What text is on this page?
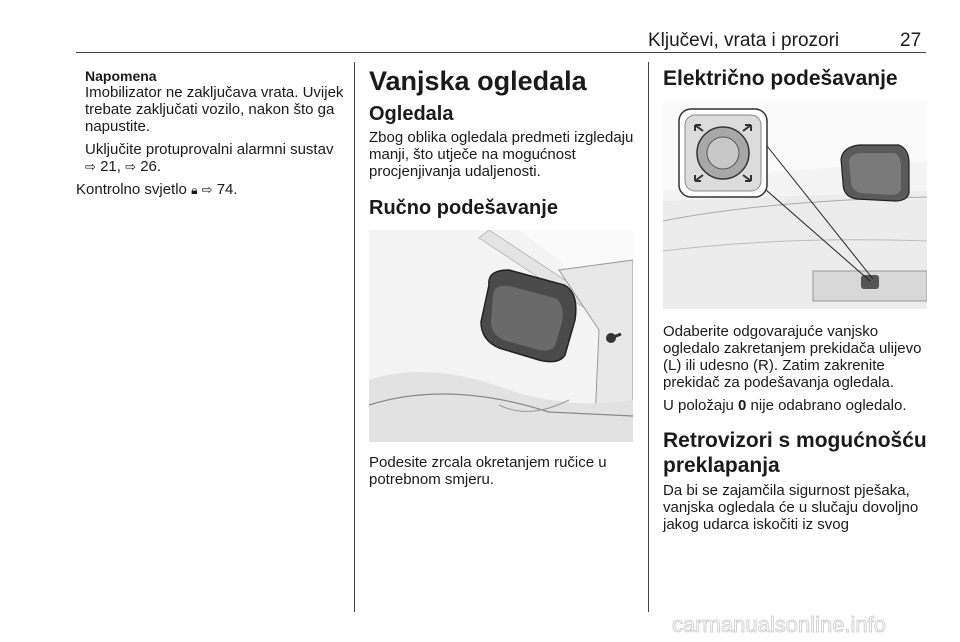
Ključevi, vrata i prozori	27

Napomena

Imobilizator ne zaključava vrata. Uvijek trebate zaključati vozilo, nakon što ga napustite.

Uključite protuprovalni alarmni sustav ⇨ 21, ⇨ 26.

Kontrolno svjetlo 🔒︎ ⇨ 74.

Vanjska ogledala
Ogledala

Zbog oblika ogledala predmeti izgledaju manji, što utječe na mogućnost procjenjivanja udaljenosti.

Ručno podešavanje

Podesite zrcala okretanjem ručice u potrebnom smjeru.

Električno podešavanje

Odaberite odgovarajuće vanjsko ogledalo zakretanjem prekidača ulijevo (L) ili udesno (R). Zatim zakrenite prekidač za podešavanja ogledala.

U položaju 0 nije odabrano ogledalo.

Retrovizori s mogućnošću preklapanja

Da bi se zajamčila sigurnost pješaka, vanjska ogledala će u slučaju dovoljno jakog udarca iskočiti iz svog

carmanualsonline.info
